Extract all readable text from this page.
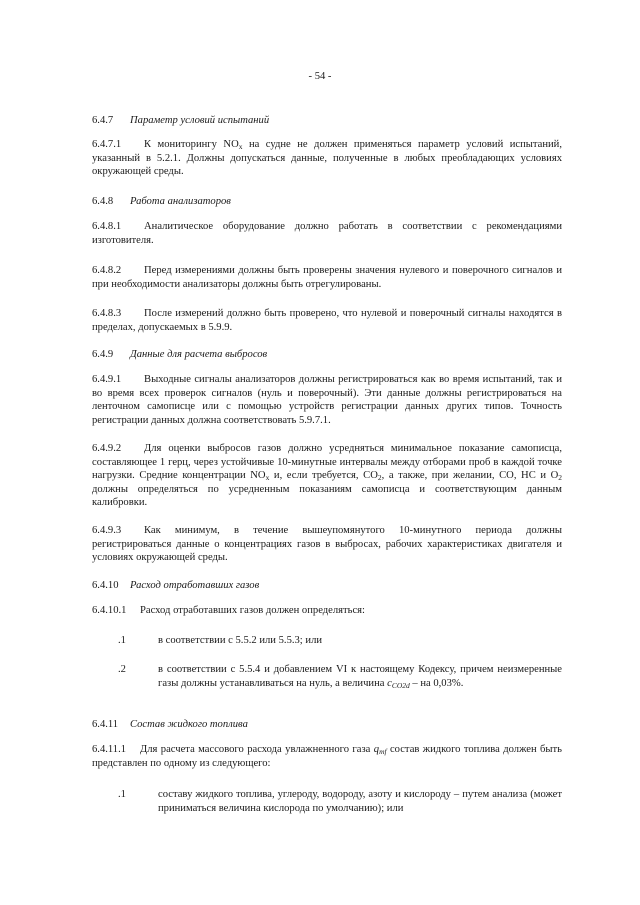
- 54 -
6.4.7 Параметр условий испытаний
6.4.7.1 К мониторингу $NO_x$ на судне не должен применяться параметр условий испытаний, указанный в 5.2.1. Должны допускаться данные, полученные в любых преобладающих условиях окружающей среды.
6.4.8 Работа анализаторов
6.4.8.1 Аналитическое оборудование должно работать в соответствии с рекомендациями изготовителя.
6.4.8.2 Перед измерениями должны быть проверены значения нулевого и поверочного сигналов и при необходимости анализаторы должны быть отрегулированы.
6.4.8.3 После измерений должно быть проверено, что нулевой и поверочный сигналы находятся в пределах, допускаемых в 5.9.9.
6.4.9 Данные для расчета выбросов
6.4.9.1 Выходные сигналы анализаторов должны регистрироваться как во время испытаний, так и во время всех проверок сигналов (нуль и поверочный). Эти данные должны регистрироваться на ленточном самописце или с помощью устройств регистрации данных других типов. Точность регистрации данных должна соответствовать 5.9.7.1.
6.4.9.2 Для оценки выбросов газов должно усредняться минимальное показание самописца, составляющее 1 герц, через устойчивые 10-минутные интервалы между отборами проб в каждой точке нагрузки. Средние концентрации $NO_x$ и, если требуется, $CO_2$, а также, при желании, CO, HC и $O_2$ должны определяться по усредненным показаниям самописца и соответствующим данным калибровки.
6.4.9.3 Как минимум, в течение вышеупомянутого 10-минутного периода должны регистрироваться данные о концентрациях газов в выбросах, рабочих характеристиках двигателя и условиях окружающей среды.
6.4.10 Расход отработавших газов
6.4.10.1 Расход отработавших газов должен определяться:
.1	в соответствии с 5.5.2 или 5.5.3; или
.2	в соответствии с 5.5.4 и добавлением VI к настоящему Кодексу, причем неизмеренные газы должны устанавливаться на нуль, а величина $c_{CO2d}$ – на 0,03%.
6.4.11 Состав жидкого топлива
6.4.11.1 Для расчета массового расхода увлажненного газа $q_{mf}$ состав жидкого топлива должен быть представлен по одному из следующего:
.1	составу жидкого топлива, углероду, водороду, азоту и кислороду – путем анализа (может приниматься величина кислорода по умолчанию); или
